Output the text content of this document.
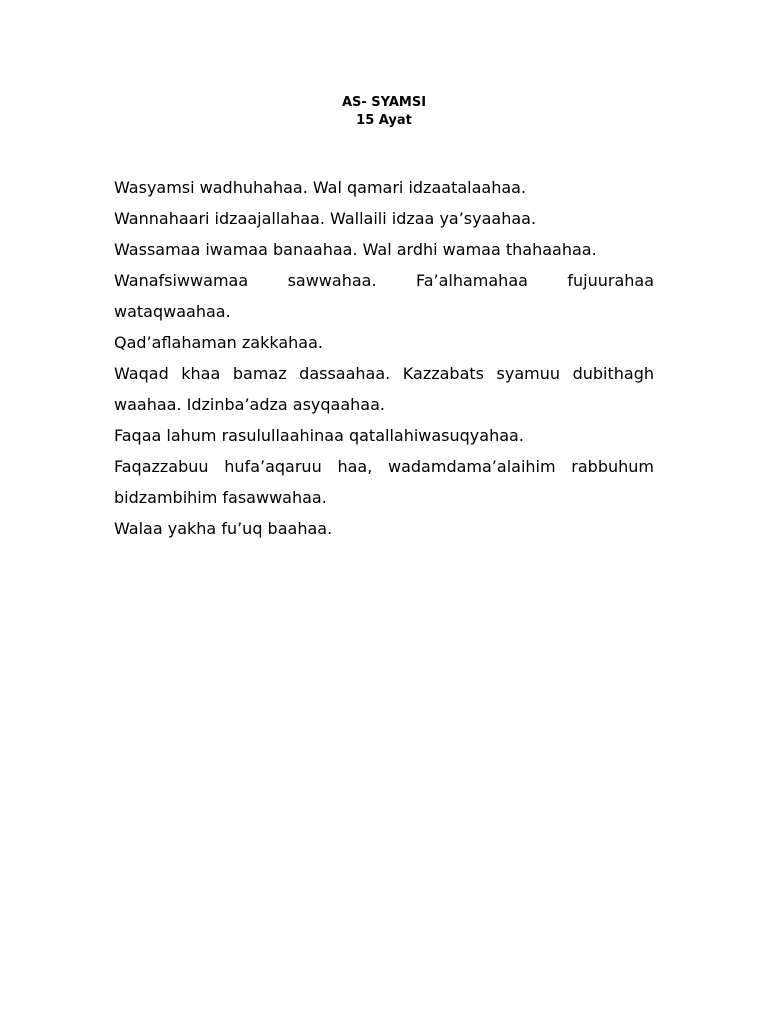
AS- SYAMSI
15 Ayat

Wasyamsi wadhuhahaa. Wal qamari idzaatalaahaa.

Wannahaari idzaajallahaa. Wallaili idzaa ya’syaahaa.

Wassamaa iwamaa banaahaa. Wal ardhi wamaa thahaahaa.

Wanafsiwwamaa sawwahaa. Fa’alhamahaa fujuurahaa wataqwaahaa.

Qad’aflahaman zakkahaa.

Waqad khaa bamaz dassaahaa. Kazzabats syamuu dubithagh waahaa. Idzinba’adza asyqaahaa.

Faqaa lahum rasulullaahinaa qatallahiwasuqyahaa.

Faqazzabuu hufa’aqaruu haa, wadamdama’alaihim rabbuhum bidzambihim fasawwahaa.

Walaa yakha fu’uq baahaa.
